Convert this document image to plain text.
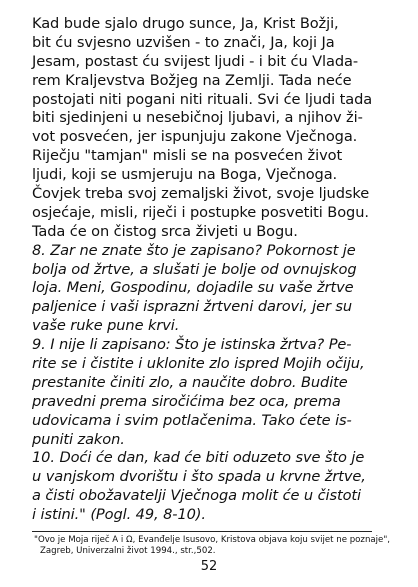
Kad bude sjalo drugo sunce, Ja, Krist Božji,
bit ću svjesno uzvišen - to znači, Ja, koji Ja
Jesam, postast ću svijest ljudi - i bit ću Vlada-
rem Kraljevstva Božjeg na Zemlji. Tada neće
postojati niti pogani niti rituali. Svi će ljudi tada
biti sjedinjeni u nesebičnoj ljubavi, a njihov ži-
vot posvećen, jer ispunjuju zakone Vječnoga.
Riječju "tamjan" misli se na posvećen život
ljudi, koji se usmjeruju na Boga, Vječnoga.
Čovjek treba svoj zemaljski život, svoje ljudske
osjećaje, misli, riječi i postupke posvetiti Bogu.
Tada će on čistog srca živjeti u Bogu.
8. Zar ne znate što je zapisano? Pokornost je
bolja od žrtve, a slušati je bolje od ovnujskog
loja. Meni, Gospodinu, dojadile su vaše žrtve
paljenice i vaši isprazni žrtveni darovi, jer su
vaše ruke pune krvi.
9. I nije li zapisano: Što je istinska žrtva? Pe-
rite se i čistite i uklonite zlo ispred Mojih očiju,
prestanite činiti zlo, a naučite dobro. Budite
pravedni prema siročićima bez oca, prema
udovicama i svim potlačenima. Tako ćete is-
puniti zakon.
10. Doći će dan, kad će biti oduzeto sve što je
u vanjskom dvorištu i što spada u krvne žrtve,
a čisti obožavatelji Vječnoga molit će u čistoti
i istini." (Pogl. 49, 8-10).
"Ovo je Moja riječ A i Ω, Evanđelje Isusovo, Kristova objava koju svijet ne poznaje",
Zagreb, Univerzalni život 1994., str.,502.
52
